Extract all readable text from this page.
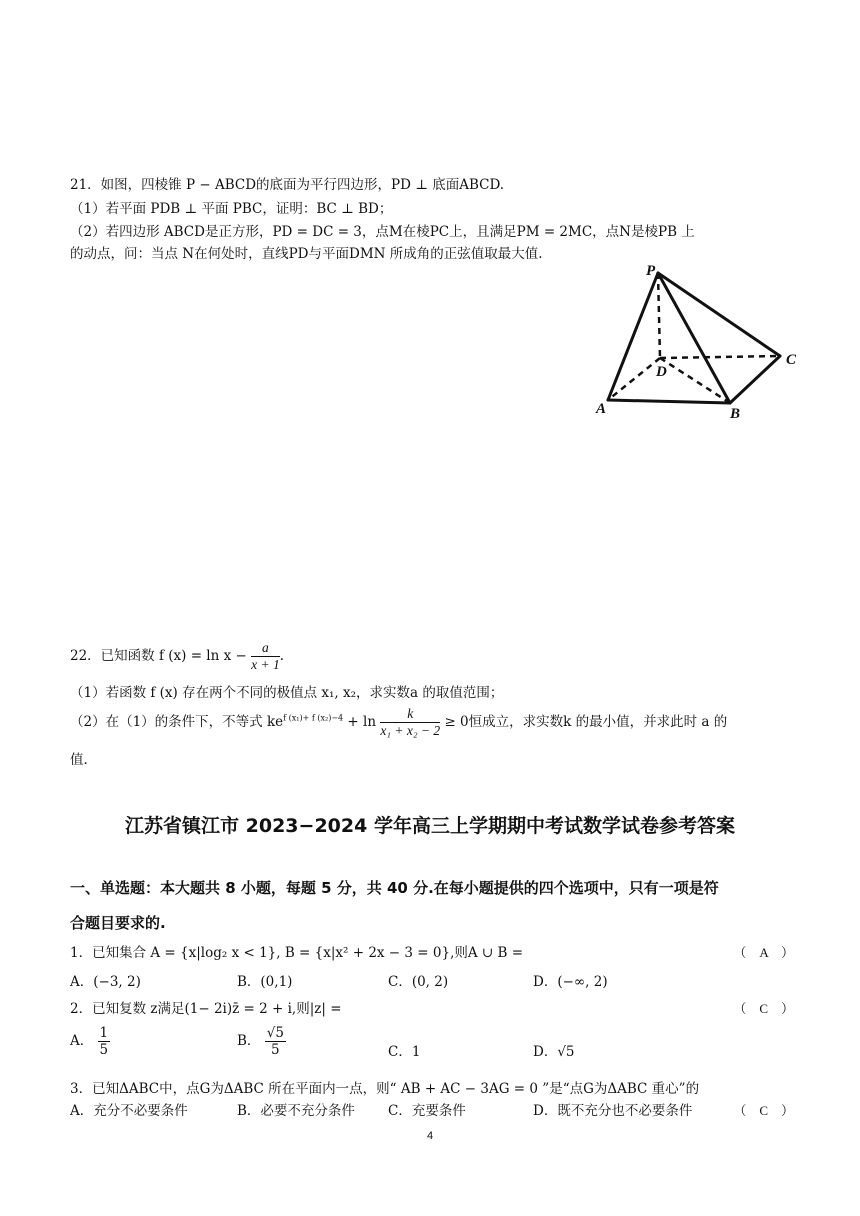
21．如图，四棱锥 P − ABCD的底面为平行四边形，PD ⊥ 底面ABCD.
（1）若平面 PDB ⊥ 平面 PBC，证明：BC ⊥ BD；
（2）若四边形 ABCD是正方形，PD = DC = 3，点M在棱PC上，且满足PM = 2MC，点N是棱PB 上
的动点，问：当点 N在何处时，直线PD与平面DMN 所成角的正弦值取最大值.
P
D
C
A	B
22．已知函数 f $(x) = \ln x - \frac{a}{x + 1}$ .
（1）若函数 f (x) 存在两个不同的极值点 x₁, x₂，求实数a 的取值范围；
（2）在（1）的条件下，不等式 $ke^{f (x_1)+ f (x_2)-4} + \ln \frac{k}{\text{x₁ + x₂ − 2}} \ge 0$恒成立，求实数k 的最小值，并求此时 a 的
值.
江苏省镇江市 2023−2024 学年高三上学期期中考试数学试卷参考答案
一、单选题：本大题共 8 小题，每题 5 分，共 40 分.在每小题提供的四个选项中，只有一项是符
合题目要求的.
1．已知集合 A = {x|log₂ x < 1}, B = {x|x² + 2x − 3 = 0},则A ∪ B =	（　A　）
A．(−3, 2)	B．(0,1)	C．(0, 2)	D．(−∞, 2)
2．已知复数 z满足(1− 2i)z̄ = 2 + i,则|z| =	（　C　）
A． $\frac{1}{5}$	B． $\frac{√5}{5}$	C．1	D．√5
3．已知ΔABC中，点G为ΔABC 所在平面内一点，则“ AB + AC − 3AG = 0 ”是“点G为ΔABC 重心”的
A．充分不必要条件	B．必要不充分条件 C．充要条件	D．既不充分也不必要条件	（　C　）
4
